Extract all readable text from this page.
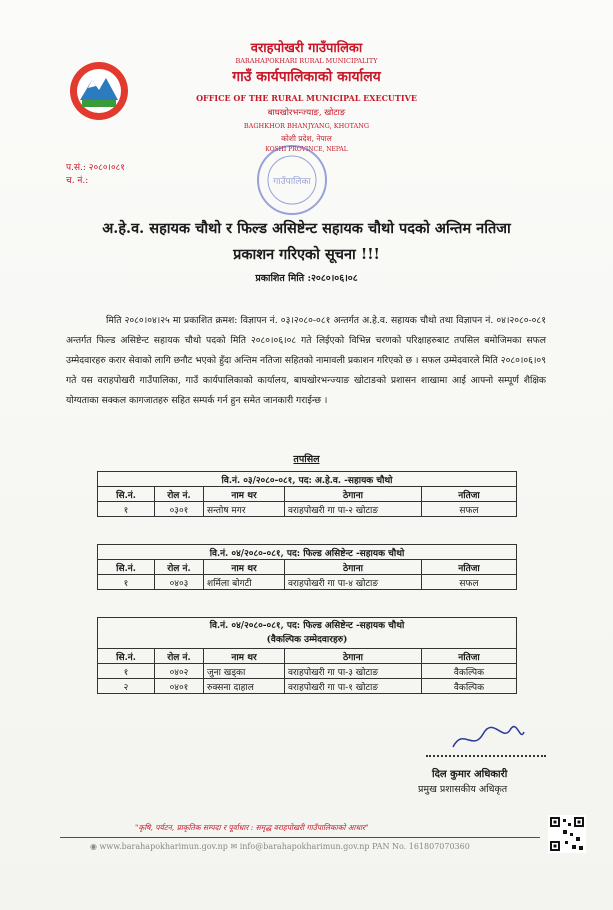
वराहपोखरी गाउँपालिका
BARAHAPOKHARI RURAL MUNICIPALITY
गाउँ कार्यपालिकाको कार्यालय
OFFICE OF THE RURAL MUNICIPAL EXECUTIVE
बाघखोरभन्ज्याङ, खोटाङ
BAGHKHOR BHANJYANG, KHOTANG
कोशी प्रदेश, नेपाल
KOSHI PROVINCE, NEPAL
गाउँपालिका
प.सं.: २०८०।०८१
च. नं.:
अ.हे.व. सहायक चौथो र फिल्ड असिष्टेन्ट सहायक चौथो पदको अन्तिम नतिजा
प्रकाशन गरिएको सूचना !!!
प्रकाशित मिति :२०८०।०६।०८
मिति २०८०।०४।२५ मा प्रकाशित क्रमश: विज्ञापन नं. ०३।२०८०-०८१ अन्तर्गत अ.हे.व. सहायक चौथो तथा विज्ञापन नं. ०४।२०८०-०८१ अन्तर्गत फिल्ड असिष्टेन्ट सहायक चौथो पदको मिति २०८०।०६।०८ गते लिईएको विभिन्न चरणको परिक्षाहरुबाट तपसिल बमोजिमका सफल उम्मेदवारहरु करार सेवाको लागि छनौट भएको हुँदा अन्तिम नतिजा सहितको नामावली प्रकाशन गरिएको छ । सफल उम्मेदवारले मिति २०८०।०६।०९ गते यस वराहपोखरी गाउँपालिका, गाउँ कार्यपालिकाको कार्यालय, बाघखोरभन्ज्याङ खोटाङको प्रशासन शाखामा आई आफ्नो सम्पूर्ण शैक्षिक योग्यताका सक्कल कागजातहरु सहित सम्पर्क गर्न हुन समेत जानकारी गराईन्छ ।
तपसिल
वि.नं. ०३/२०८०-०८१, पद: अ.हे.व. -सहायक चौथो				
सि.नं.	रोल नं.	नाम थर	ठेगाना	नतिजा
१	०३०१	सन्तोष मगर	वराहपोखरी गा पा-२ खोटाङ	सफल
वि.नं. ०४/२०८०-०८१, पद: फिल्ड असिष्टेन्ट -सहायक चौथो				
सि.नं.	रोल नं.	नाम थर	ठेगाना	नतिजा
१	०४०३	शर्मिला बोगटी	वराहपोखरी गा पा-४ खोटाङ	सफल
वि.नं. ०४/२०८०-०८१, पद: फिल्ड असिष्टेन्ट -सहायक चौथो
(वैकल्पिक उम्मेदवारहरु)				

सि.नं.	रोल नं.	नाम थर	ठेगाना	नतिजा
१	०४०२	जुना खड्का	वराहपोखरी गा पा-३ खोटाङ	वैकल्पिक
२	०४०१	रुक्सना दाहाल	वराहपोखरी गा पा-१ खोटाङ	वैकल्पिक
दिल कुमार अधिकारी
प्रमुख प्रशासकीय अधिकृत
"कृषि, पर्यटन, प्राकृतिक सम्पदा र पूर्वाधार : समृद्ध वराहपोखरी गाउँपालिकाको आधार"
◉ www.barahapokharimun.gov.np ✉ info@barahapokharimun.gov.np PAN No. 161807070360
